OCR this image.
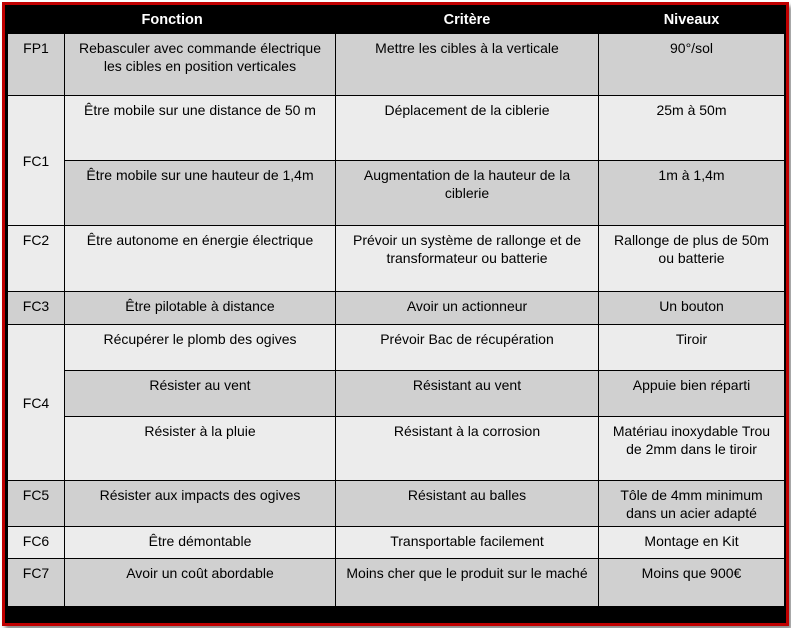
Fonction		Critère	Niveaux
FP1	Rebasculer avec commande électrique les cibles en position verticales	Mettre les cibles à la verticale	90°/sol
FC1	Être mobile sur une distance de 50 m	Déplacement de la ciblerie	25m à 50m
	Être mobile sur une hauteur de 1,4m	Augmentation de la hauteur de la ciblerie	1m à 1,4m
FC2	Être autonome en énergie électrique	Prévoir un système de rallonge et de transformateur ou batterie	Rallonge de plus de 50m ou batterie
FC3	Être pilotable à distance	Avoir un actionneur	Un bouton
FC4	Récupérer le plomb des ogives	Prévoir Bac de récupération	Tiroir
	Résister au vent	Résistant au vent	Appuie bien réparti
	Résister à la pluie	Résistant à la corrosion	Matériau inoxydable Trou de 2mm dans le tiroir
FC5	Résister aux impacts des ogives	Résistant au balles	Tôle de 4mm minimum dans un acier adapté
FC6	Être démontable	Transportable facilement	Montage en Kit
FC7	Avoir un coût abordable	Moins cher que le produit sur le maché	Moins que 900€
